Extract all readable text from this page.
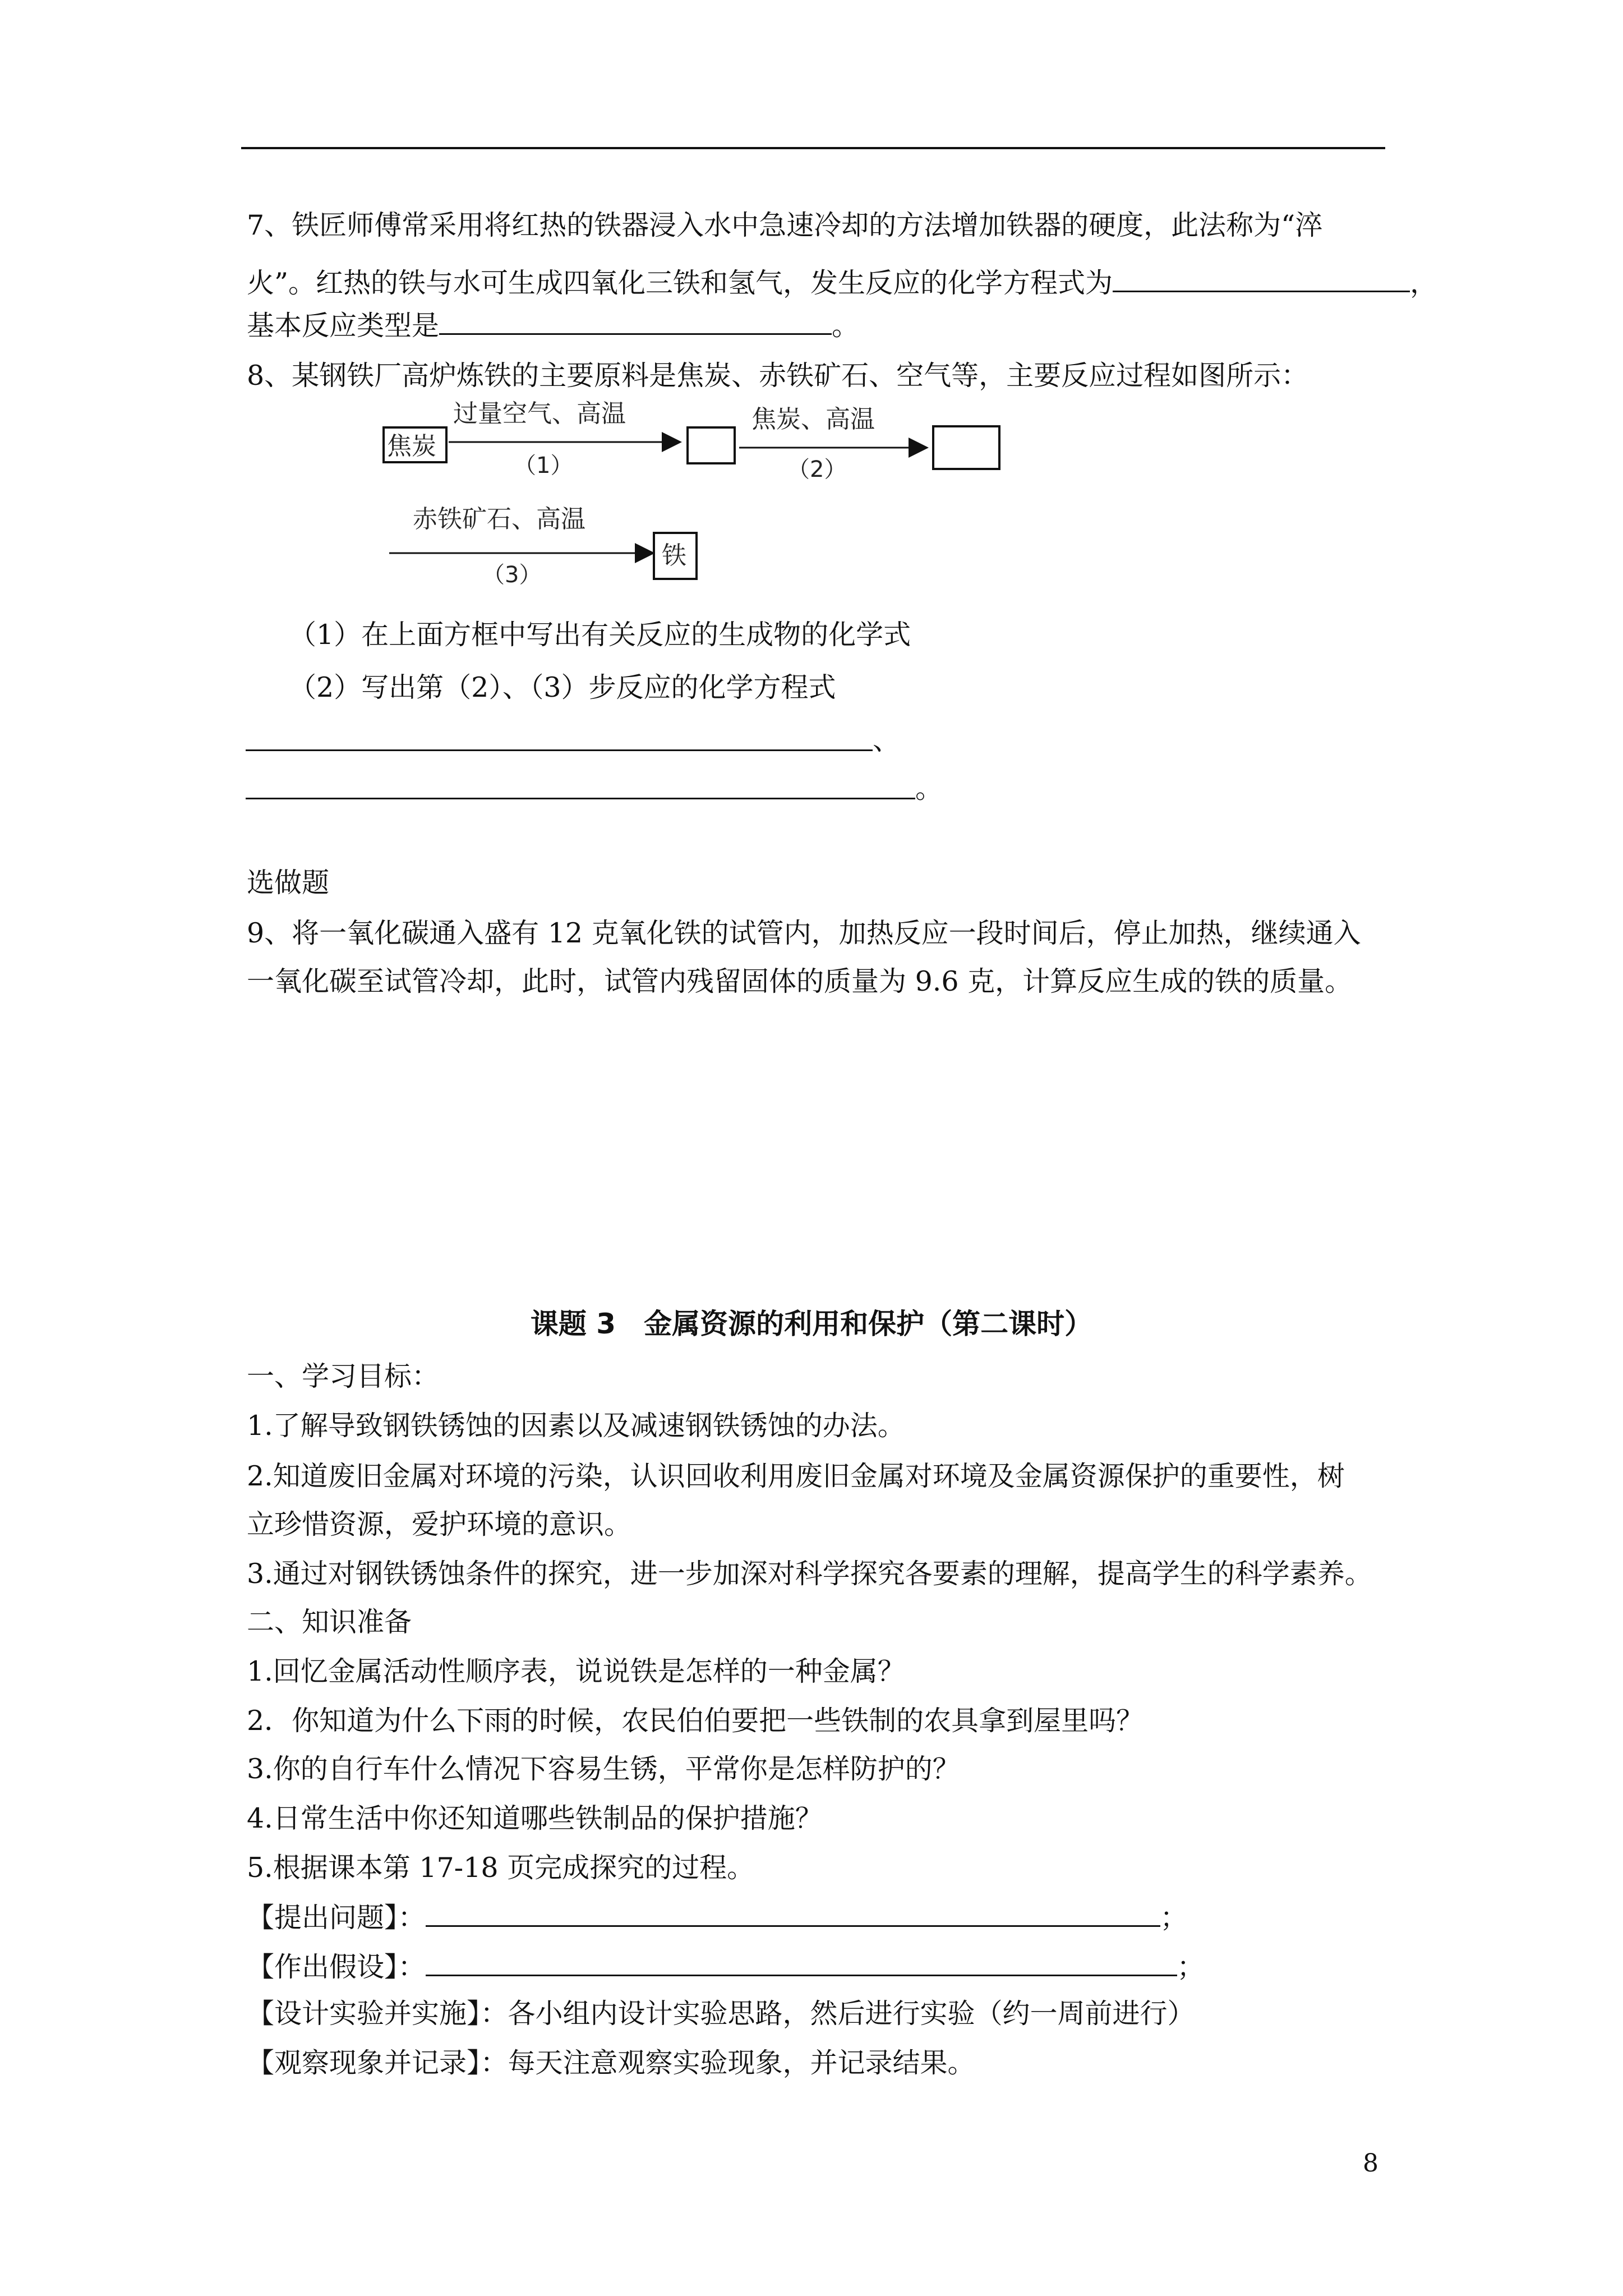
7、铁匠师傅常采用将红热的铁器浸入水中急速冷却的方法增加铁器的硬度，此法称为“淬
火”。红热的铁与水可生成四氧化三铁和氢气，发生反应的化学方程式为	，
基本反应类型是	。
8、某钢铁厂高炉炼铁的主要原料是焦炭、赤铁矿石、空气等，主要反应过程如图所示：
焦炭
过量空气、高温
（1）
焦炭、高温
（2）
赤铁矿石、高温
（3）
铁
（1）在上面方框中写出有关反应的生成物的化学式
（2）写出第（2）、（3）步反应的化学方程式
、
。
选做题
9、将一氧化碳通入盛有 12 克氧化铁的试管内，加热反应一段时间后，停止加热，继续通入
一氧化碳至试管冷却，此时，试管内残留固体的质量为 9.6 克，计算反应生成的铁的质量。
课题 3　金属资源的利用和保护（第二课时）
一、学习目标：
1.了解导致钢铁锈蚀的因素以及减速钢铁锈蚀的办法。
2.知道废旧金属对环境的污染，认识回收利用废旧金属对环境及金属资源保护的重要性，树
立珍惜资源，爱护环境的意识。
3.通过对钢铁锈蚀条件的探究，进一步加深对科学探究各要素的理解，提高学生的科学素养。
二、知识准备
1.回忆金属活动性顺序表，说说铁是怎样的一种金属？
2．你知道为什么下雨的时候，农民伯伯要把一些铁制的农具拿到屋里吗？
3.你的自行车什么情况下容易生锈，平常你是怎样防护的？
4.日常生活中你还知道哪些铁制品的保护措施？
5.根据课本第 17-18 页完成探究的过程。
【提出问题】：	；
【作出假设】：	；
【设计实验并实施】：各小组内设计实验思路，然后进行实验（约一周前进行）
【观察现象并记录】：每天注意观察实验现象，并记录结果。
8
